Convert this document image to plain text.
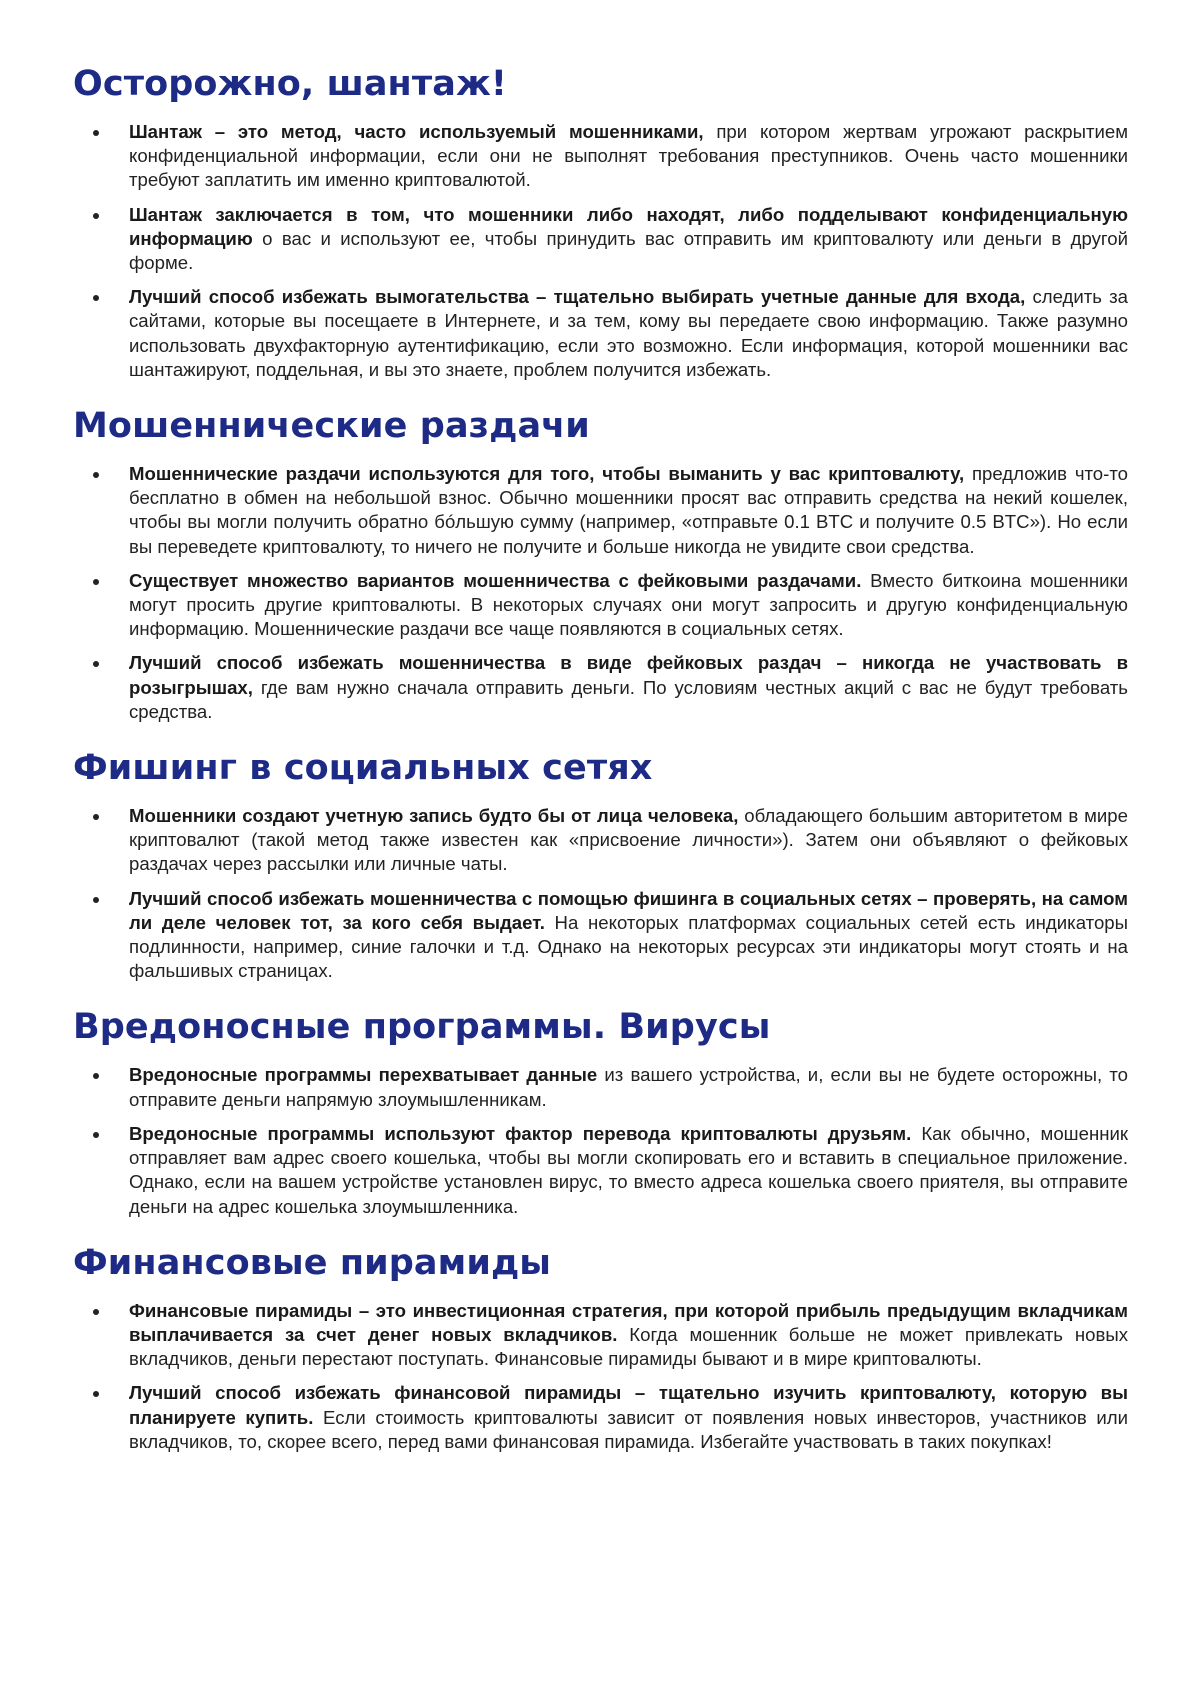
Осторожно, шантаж!
Шантаж – это метод, часто используемый мошенниками, при котором жертвам угрожают раскрытием конфиденциальной информации, если они не выполнят требования преступников. Очень часто мошенники требуют заплатить им именно криптовалютой.
Шантаж заключается в том, что мошенники либо находят, либо подделывают конфиденциальную информацию о вас и используют ее, чтобы принудить вас отправить им криптовалюту или деньги в другой форме.
Лучший способ избежать вымогательства – тщательно выбирать учетные данные для входа, следить за сайтами, которые вы посещаете в Интернете, и за тем, кому вы передаете свою информацию. Также разумно использовать двухфакторную аутентификацию, если это возможно. Если информация, которой мошенники вас шантажируют, поддельная, и вы это знаете, проблем получится избежать.
Мошеннические раздачи
Мошеннические раздачи используются для того, чтобы выманить у вас криптовалюту, предложив что-то бесплатно в обмен на небольшой взнос. Обычно мошенники просят вас отправить средства на некий кошелек, чтобы вы могли получить обратно бóльшую сумму (например, «отправьте 0.1 BTC и получите 0.5 BTC»). Но если вы переведете криптовалюту, то ничего не получите и больше никогда не увидите свои средства.
Существует множество вариантов мошенничества с фейковыми раздачами. Вместо биткоина мошенники могут просить другие криптовалюты. В некоторых случаях они могут запросить и другую конфиденциальную информацию. Мошеннические раздачи все чаще появляются в социальных сетях.
Лучший способ избежать мошенничества в виде фейковых раздач – никогда не участвовать в розыгрышах, где вам нужно сначала отправить деньги. По условиям честных акций с вас не будут требовать средства.
Фишинг в социальных сетях
Мошенники создают учетную запись будто бы от лица человека, обладающего большим авторитетом в мире криптовалют (такой метод также известен как «присвоение личности»). Затем они объявляют о фейковых раздачах через рассылки или личные чаты.
Лучший способ избежать мошенничества с помощью фишинга в социальных сетях – проверять, на самом ли деле человек тот, за кого себя выдает. На некоторых платформах социальных сетей есть индикаторы подлинности, например, синие галочки и т.д. Однако на некоторых ресурсах эти индикаторы могут стоять и на фальшивых страницах.
Вредоносные программы. Вирусы
Вредоносные программы перехватывает данные из вашего устройства, и, если вы не будете осторожны, то отправите деньги напрямую злоумышленникам.
Вредоносные программы используют фактор перевода криптовалюты друзьям. Как обычно, мошенник отправляет вам адрес своего кошелька, чтобы вы могли скопировать его и вставить в специальное приложение. Однако, если на вашем устройстве установлен вирус, то вместо адреса кошелька своего приятеля, вы отправите деньги на адрес кошелька злоумышленника.
Финансовые пирамиды
Финансовые пирамиды – это инвестиционная стратегия, при которой прибыль предыдущим вкладчикам выплачивается за счет денег новых вкладчиков. Когда мошенник больше не может привлекать новых вкладчиков, деньги перестают поступать. Финансовые пирамиды бывают и в мире криптовалюты.
Лучший способ избежать финансовой пирамиды – тщательно изучить криптовалюту, которую вы планируете купить. Если стоимость криптовалюты зависит от появления новых инвесторов, участников или вкладчиков, то, скорее всего, перед вами финансовая пирамида. Избегайте участвовать в таких покупках!
